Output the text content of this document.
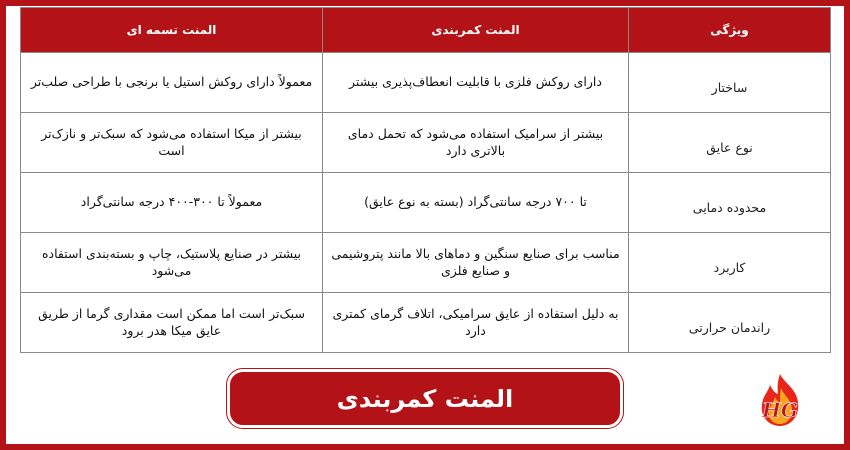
ویژگی	المنت کمربندی	المنت تسمه ای
ساختار	دارای روکش فلزی با قابلیت انعطاف‌پذیری بیشتر	معمولاً دارای روکش استیل یا برنجی با طراحی صلب‌تر
نوع عایق	بیشتر از سرامیک استفاده می‌شود که تحمل دمای بالاتری دارد	بیشتر از میکا استفاده می‌شود که سبک‌تر و نازک‌تر است
محدوده دمایی	تا ۷۰۰ درجه سانتی‌گراد (بسته به نوع عایق)	معمولاً تا ۳۰۰-۴۰۰ درجه سانتی‌گراد
کاربرد	مناسب برای صنایع سنگین و دماهای بالا مانند پتروشیمی و صنایع فلزی	بیشتر در صنایع پلاستیک، چاپ و بسته‌بندی استفاده می‌شود
راندمان حرارتی	به دلیل استفاده از عایق سرامیکی، اتلاف گرمای کمتری دارد	سبک‌تر است اما ممکن است مقداری گرما از طریق عایق میکا هدر برود
المنت کمربندی	HG
